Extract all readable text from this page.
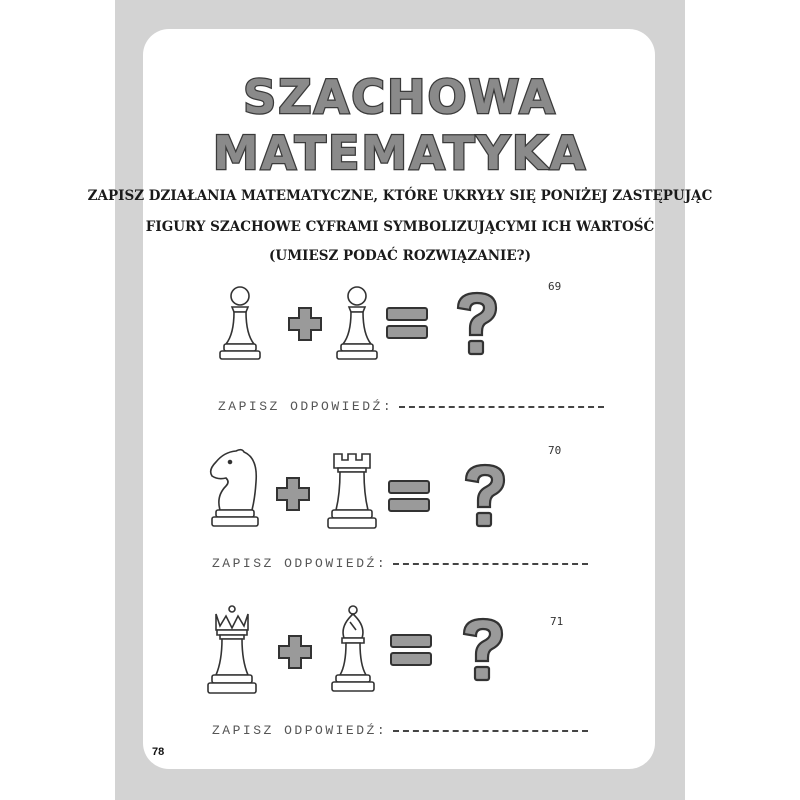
SZACHOWA
MATEMATYKA
ZAPISZ DZIAŁANIA MATEMATYCZNE, KTÓRE UKRYŁY SIĘ PONIŻEJ ZASTĘPUJĄC
FIGURY SZACHOWE CYFRAMI SYMBOLIZUJĄCYMI ICH WARTOŚĆ
(UMIESZ PODAĆ ROZWIĄZANIE?)
69
ZAPISZ ODPOWIEDŹ:
70
ZAPISZ ODPOWIEDŹ:
71
ZAPISZ ODPOWIEDŹ:
78
